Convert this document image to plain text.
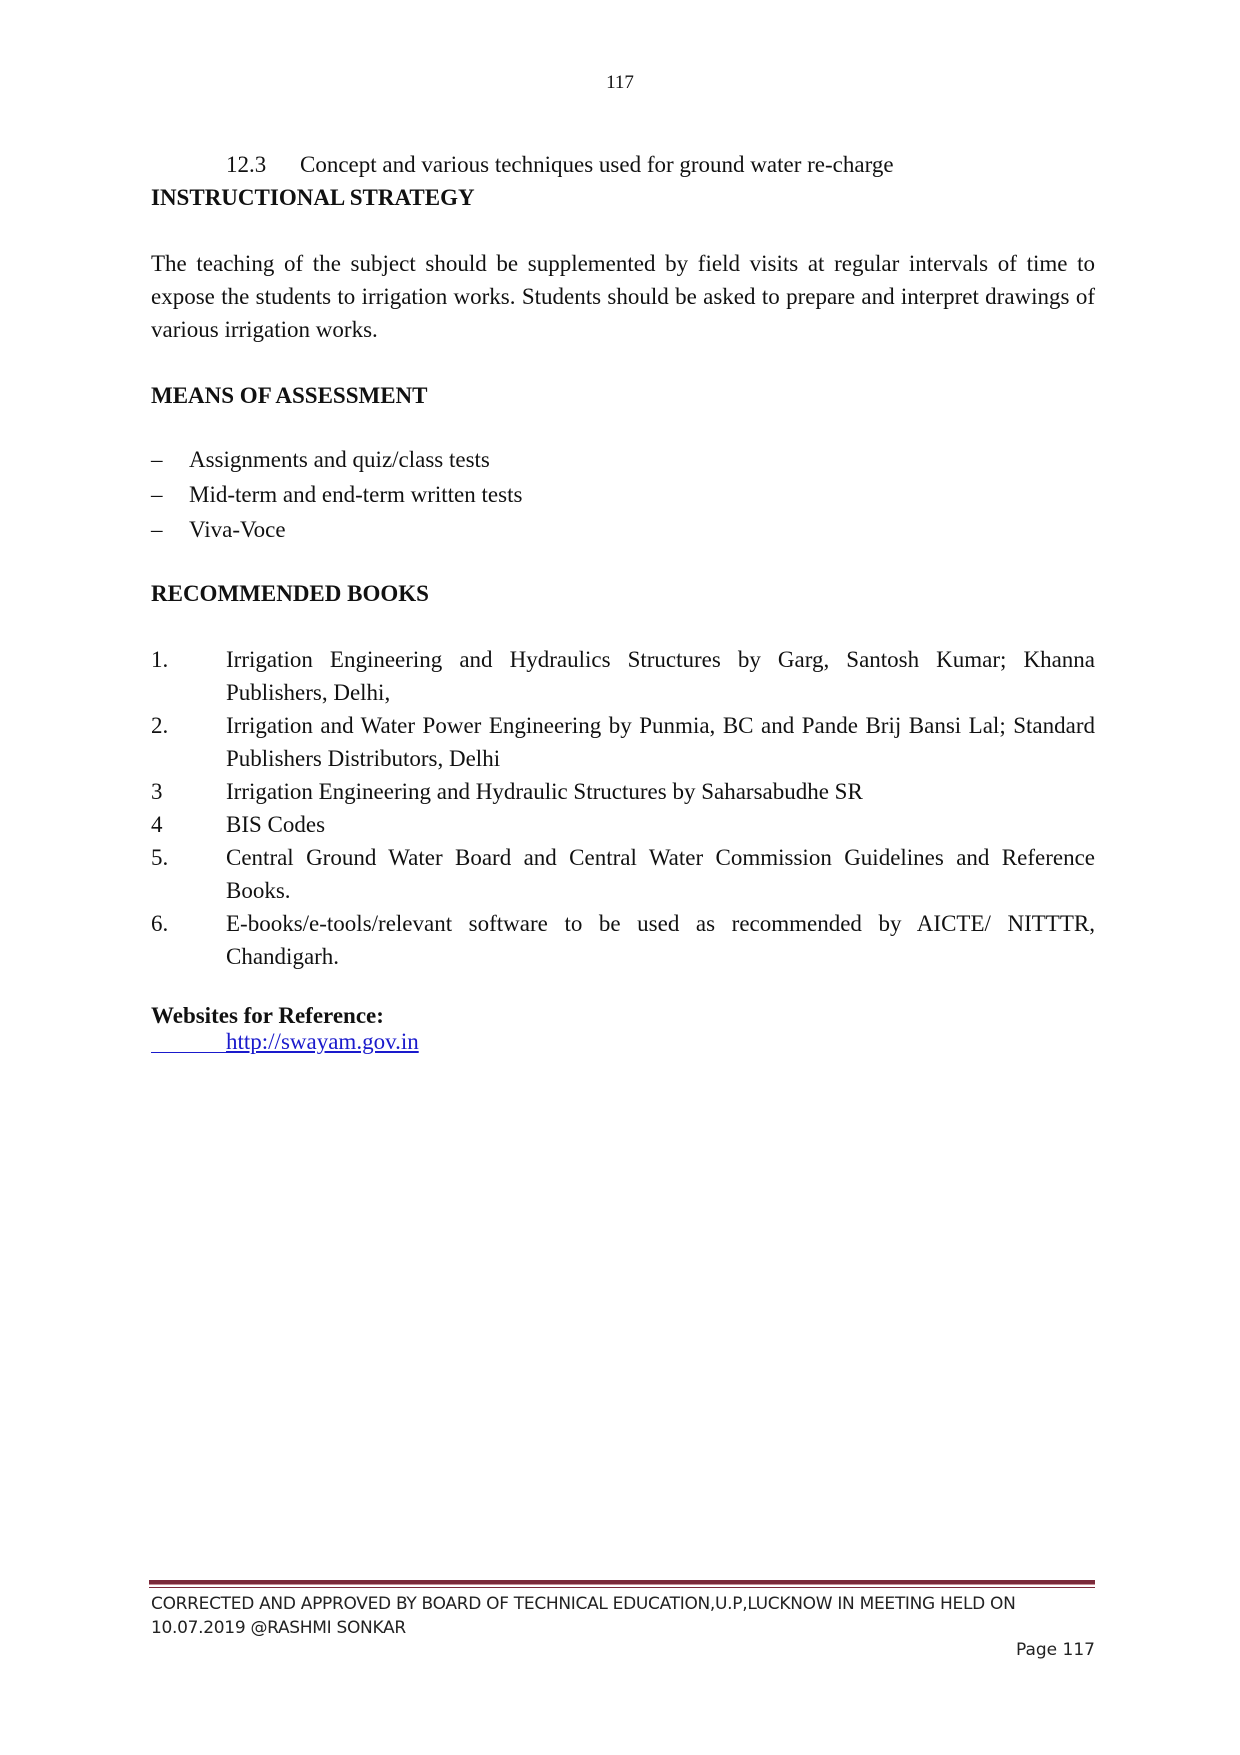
117
12.3	Concept and various techniques used for ground water re-charge
INSTRUCTIONAL STRATEGY

The teaching of the subject should be supplemented by field visits at regular intervals of time to expose the students to irrigation works. Students should be asked to prepare and interpret drawings of various irrigation works.

MEANS OF ASSESSMENT
–	Assignments and quiz/class tests
–	Mid-term and end-term written tests
–	Viva-Voce
RECOMMENDED BOOKS
1.	Irrigation Engineering and Hydraulics Structures by Garg, Santosh Kumar; Khanna Publishers, Delhi,
2.	Irrigation and Water Power Engineering by Punmia, BC and Pande Brij Bansi Lal; Standard Publishers Distributors, Delhi
3	Irrigation Engineering and Hydraulic Structures by Saharsabudhe SR
4	BIS Codes
5.	Central Ground Water Board and Central Water Commission Guidelines and Reference Books.
6.	E-books/e-tools/relevant software to be used as recommended by AICTE/ NITTTR, Chandigarh.
Websites for Reference:
http://swayam.gov.in
CORRECTED AND APPROVED BY BOARD OF TECHNICAL EDUCATION,U.P,LUCKNOW IN MEETING HELD ON 10.07.2019 @RASHMI SONKAR
Page 117
